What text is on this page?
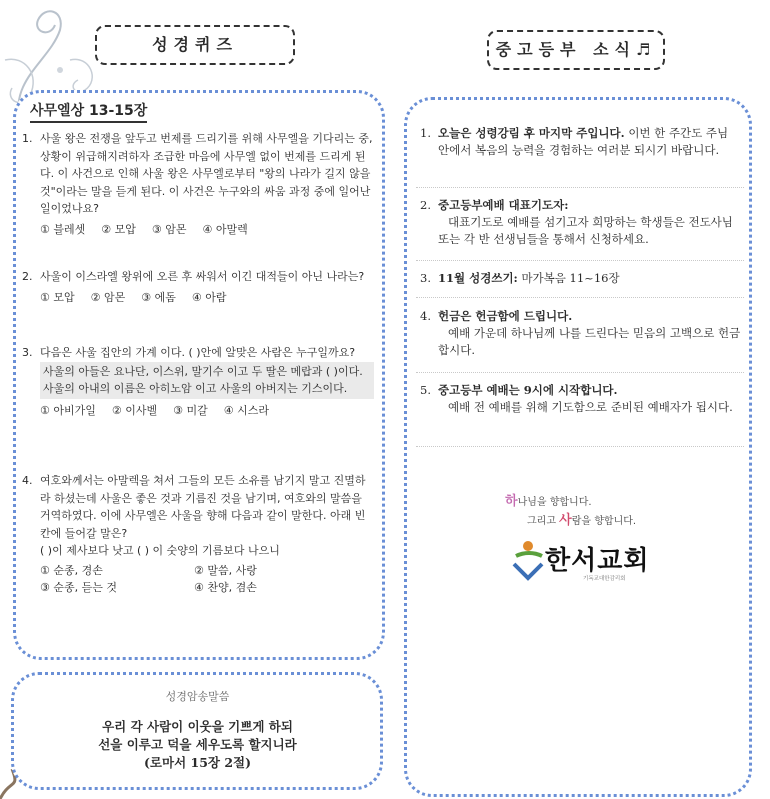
성경퀴즈	중고등부 소식♬
사무엘상 13-15장
1. 사울 왕은 전쟁을 앞두고 번제를 드리기를 위해 사무엘을 기다리는 중, 상황이 위급해지려하자 조급한 마음에 사무엘 없이 번제를 드리게 된다. 이 사건으로 인해 사울 왕은 사무엘로부터 "왕의 나라가 길지 않을 것"이라는 말을 듣게 된다. 이 사건은 누구와의 싸움 과정 중에 일어난 일이었나요?
① 블레셋 ② 모압 ③ 암몬 ④ 아말렉
2. 사울이 이스라엘 왕위에 오른 후 싸워서 이긴 대적들이 아닌 나라는?
① 모압 ② 암몬 ③ 에돔 ④ 아람
3. 다음은 사울 집안의 가계 이다. ( )안에 알맞은 사람은 누구일까요?
사울의 아들은 요나단, 이스위, 말기수 이고 두 딸은 메랍과 ( )이다. 사울의 아내의 이름은 아히노암 이고 사울의 아버지는 기스이다.
① 아비가일 ② 이사벨 ③ 미갈 ④ 시스라
4. 여호와께서는 아말렉을 쳐서 그들의 모든 소유를 남기지 말고 진멸하라 하셨는데 사울은 좋은 것과 기름진 것을 남기며, 여호와의 말씀을 거역하였다. 이에 사무엘은 사울을 향해 다음과 같이 말한다. 아래 빈칸에 들어갈 말은?
( )이 제사보다 낫고 ( ) 이 숫양의 기름보다 나으니
① 순종, 경손	② 말씀, 사랑
③ 순종, 듣는 것	④ 찬양, 겸손
1. 오늘은 성령강림 후 마지막 주입니다. 이번 한 주간도 주님 안에서 복음의 능력을 경험하는 여러분 되시기 바랍니다.
2. 중고등부예배 대표기도자:
대표기도로 예배를 섬기고자 희망하는 학생들은 전도사님 또는 각 반 선생님들을 통해서 신청하세요.
3. 11월 성경쓰기: 마가복음 11~16장
4. 헌금은 헌금함에 드립니다.
예배 가운데 하나님께 나를 드린다는 믿음의 고백으로 헌금합시다.
5. 중고등부 예배는 9시에 시작합니다.
예배 전 예배를 위해 기도함으로 준비된 예배자가 됩시다.
하나님을 향합니다.
그리고 사람을 향합니다.
한서교회
기독교대한감리회
성경암송말씀
우리 각 사람이 이웃을 기쁘게 하되
선을 이루고 덕을 세우도록 할지니라
(로마서 15장 2절)
